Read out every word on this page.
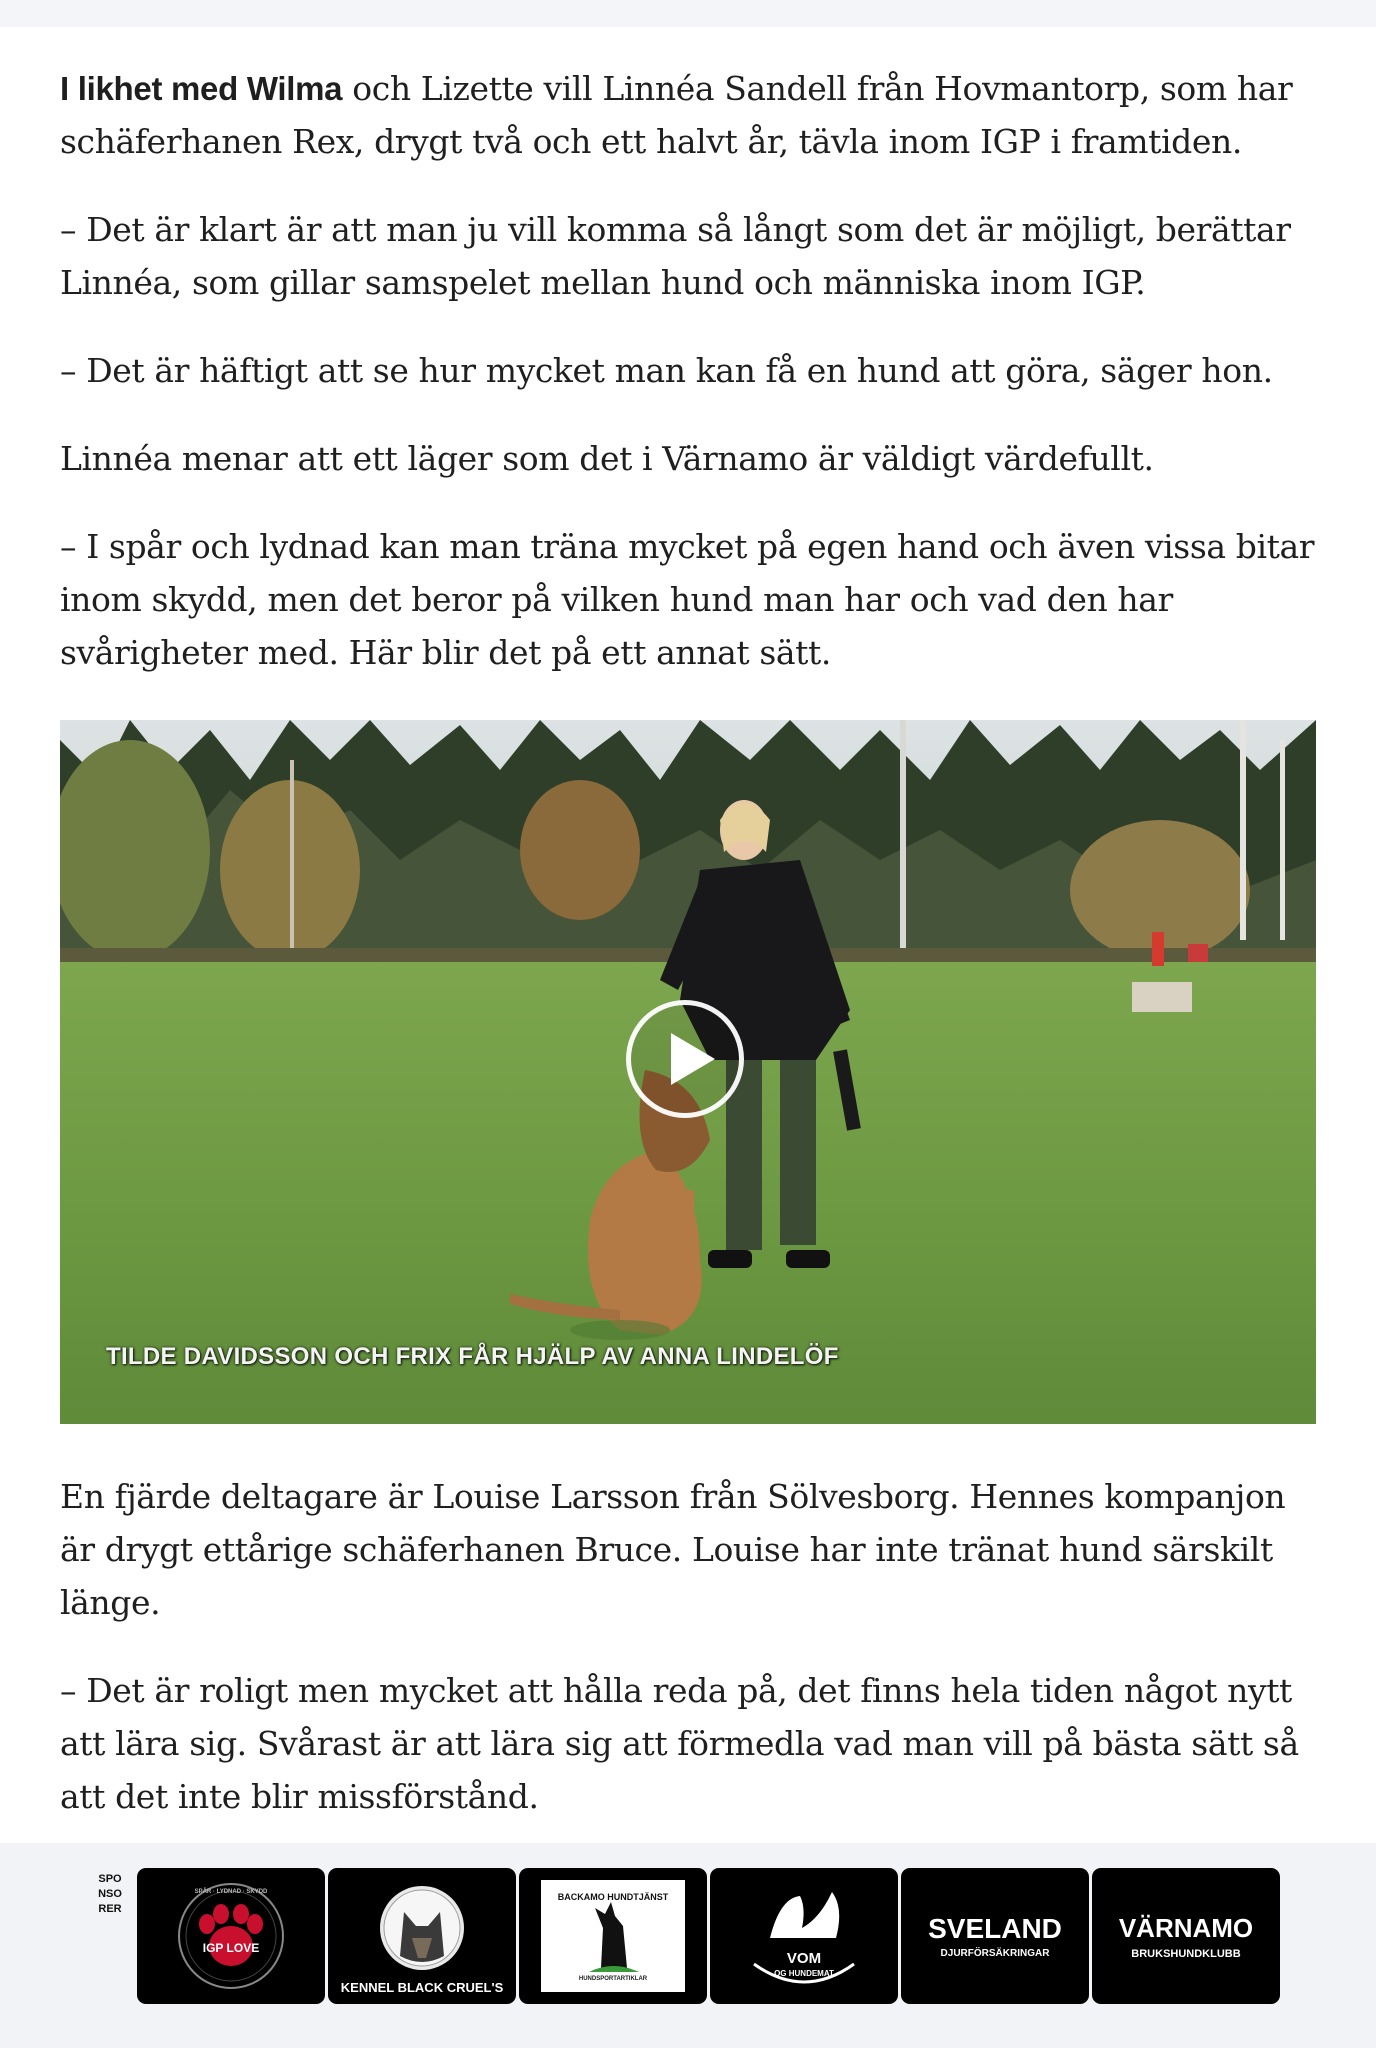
I likhet med Wilma och Lizette vill Linnéa Sandell från Hovmantorp, som har schäferhanen Rex, drygt två och ett halvt år, tävla inom IGP i framtiden.

– Det är klart är att man ju vill komma så långt som det är möjligt, berättar Linnéa, som gillar samspelet mellan hund och människa inom IGP.

– Det är häftigt att se hur mycket man kan få en hund att göra, säger hon.

Linnéa menar att ett läger som det i Värnamo är väldigt värdefullt.

– I spår och lydnad kan man träna mycket på egen hand och även vissa bitar inom skydd, men det beror på vilken hund man har och vad den har svårigheter med. Här blir det på ett annat sätt.

TILDE DAVIDSSON OCH FRIX FÅR HJÄLP AV ANNA LINDELÖF

En fjärde deltagare är Louise Larsson från Sölvesborg. Hennes kompanjon är drygt ettårige schäferhanen Bruce. Louise har inte tränat hund särskilt länge.

– Det är roligt men mycket att hålla reda på, det finns hela tiden något nytt att lära sig. Svårast är att lära sig att förmedla vad man vill på bästa sätt så att det inte blir missförstånd.

SPONSORER
IGP LOVE
SPÅR · LYDNAD · SKYDD
KENNEL BLACK CRUEL'S
BACKAMO HUNDTJÄNST
HUNDSPORTARTIKLAR
VOM
OG HUNDEMAT
SVELAND
DJURFÖRSÄKRINGAR
VÄRNAMO
BRUKSHUNDKLUBB
